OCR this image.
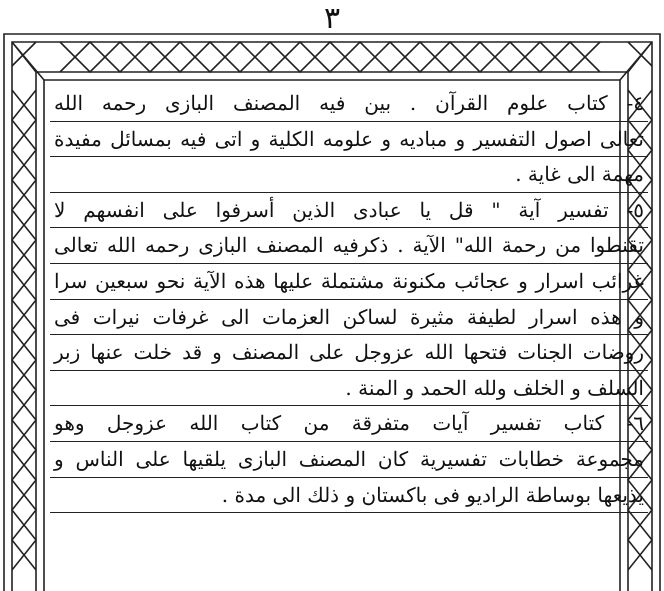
٣
٤- كتاب علوم القرآن . بين فيه المصنف البازى رحمه الله
تعالى اصول التفسير و مباديه و علومه الكلية و اتى فيه بمسائل مفيدة
مهمة الى غاية .
٥- تفسير آية " قل يا عبادى الذين أسرفوا على انفسهم لا
تقنطوا من رحمة الله" الآية . ذكرفيه المصنف البازى رحمه الله تعالى
غرائب اسرار و عجائب مكنونة مشتملة عليها هذه الآية نحو سبعين سرا
و هذه اسرار لطيفة مثيرة لساكن العزمات الى غرفات نيرات فى
روضات الجنات فتحها الله عزوجل على المصنف و قد خلت عنها زبر
السلف و الخلف ولله الحمد و المنة .
٦- كتاب تفسير آيات متفرقة من كتاب الله عزوجل وهو
مجموعة خطابات تفسيرية كان المصنف البازى يلقيها على الناس و
يذيعها بوساطة الراديو فى باكستان و ذلك الى مدة .
